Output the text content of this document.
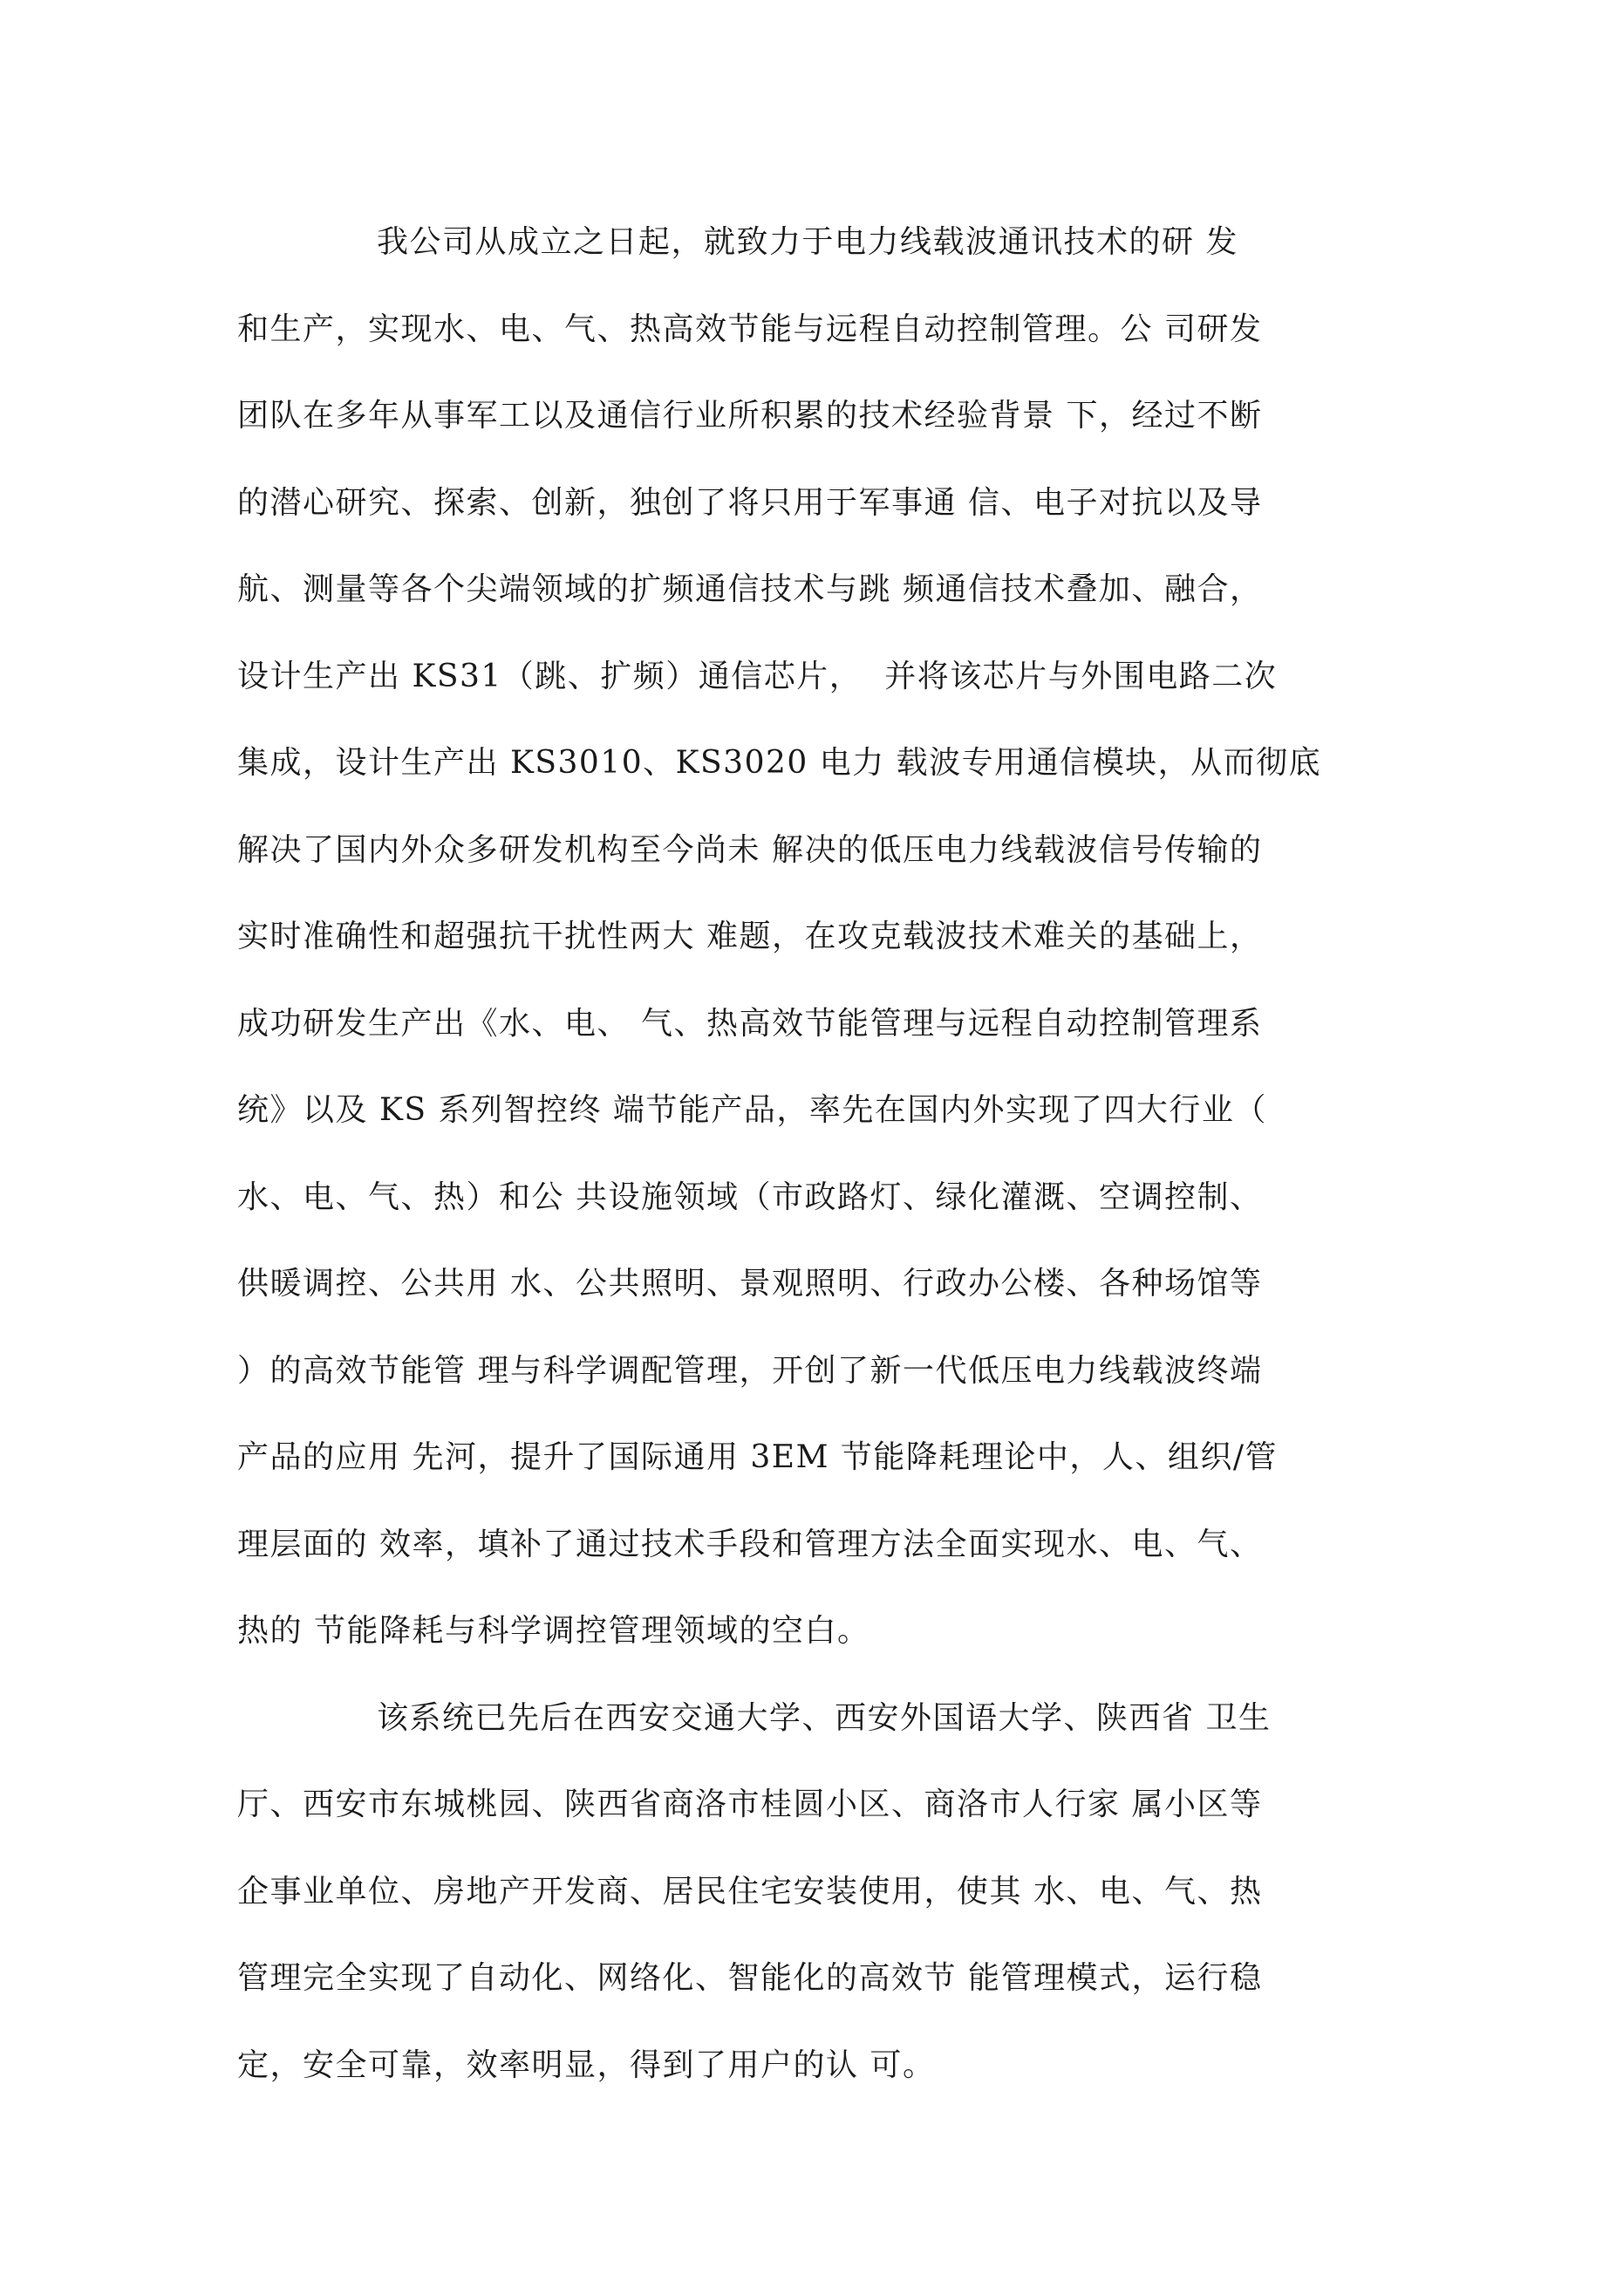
我公司从成立之日起，就致力于电力线载波通讯技术的研 发
和生产，实现水、电、气、热高效节能与远程自动控制管理。公 司研发
团队在多年从事军工以及通信行业所积累的技术经验背景 下，经过不断
的潜心研究、探索、创新，独创了将只用于军事通 信、电子对抗以及导
航、测量等各个尖端领域的扩频通信技术与跳 频通信技术叠加、融合，
设计生产出 KS31（跳、扩频）通信芯片，  并将该芯片与外围电路二次
集成，设计生产出 KS3010、KS3020 电力 载波专用通信模块，从而彻底
解决了国内外众多研发机构至今尚未 解决的低压电力线载波信号传输的
实时准确性和超强抗干扰性两大 难题，在攻克载波技术难关的基础上，
成功研发生产出《水、电、 气、热高效节能管理与远程自动控制管理系
统》以及 KS 系列智控终 端节能产品，率先在国内外实现了四大行业（
水、电、气、热）和公 共设施领域（市政路灯、绿化灌溉、空调控制、
供暖调控、公共用 水、公共照明、景观照明、行政办公楼、各种场馆等
）的高效节能管 理与科学调配管理，开创了新一代低压电力线载波终端
产品的应用 先河，提升了国际通用 3EM 节能降耗理论中，人、组织/管
理层面的 效率，填补了通过技术手段和管理方法全面实现水、电、气、
热的 节能降耗与科学调控管理领域的空白。
该系统已先后在西安交通大学、西安外国语大学、陕西省 卫生
厅、西安市东城桃园、陕西省商洛市桂圆小区、商洛市人行家 属小区等
企事业单位、房地产开发商、居民住宅安装使用，使其 水、电、气、热
管理完全实现了自动化、网络化、智能化的高效节 能管理模式，运行稳
定，安全可靠，效率明显，得到了用户的认 可。
